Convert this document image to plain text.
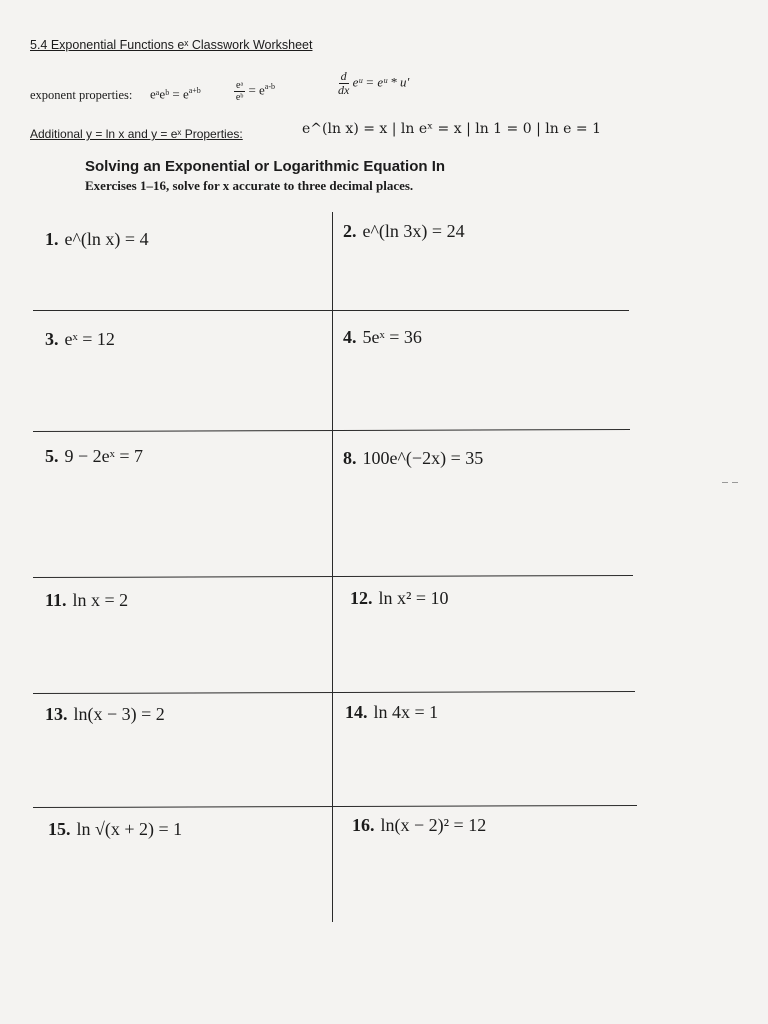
5.4 Exponential Functions eˣ Classwork Worksheet
exponent properties: eᵃeᵇ = $e^{a+b}$	$\frac{\text{eᵃ}}{\text{eᵇ}} = e^{a-b}$	$\frac{d}{dx}$ eᵘ = eᵘ * u'
Additional y = ln x and y = eˣ Properties:	e^(ln x) = x | ln eˣ = x | ln 1 = 0 | ln e = 1
Solving an Exponential or Logarithmic Equation In
Exercises 1–16, solve for x accurate to three decimal places.
1. e^(ln x) = 4	2. e^(ln 3x) = 24
3. eˣ = 12	4. 5eˣ = 36
5. 9 − 2eˣ = 7	8. 100e^(−2x) = 35
11. ln x = 2	12. ln x² = 10
13. ln(x − 3) = 2	14. ln 4x = 1
15. ln √(x + 2) = 1	16. ln(x − 2)² = 12
